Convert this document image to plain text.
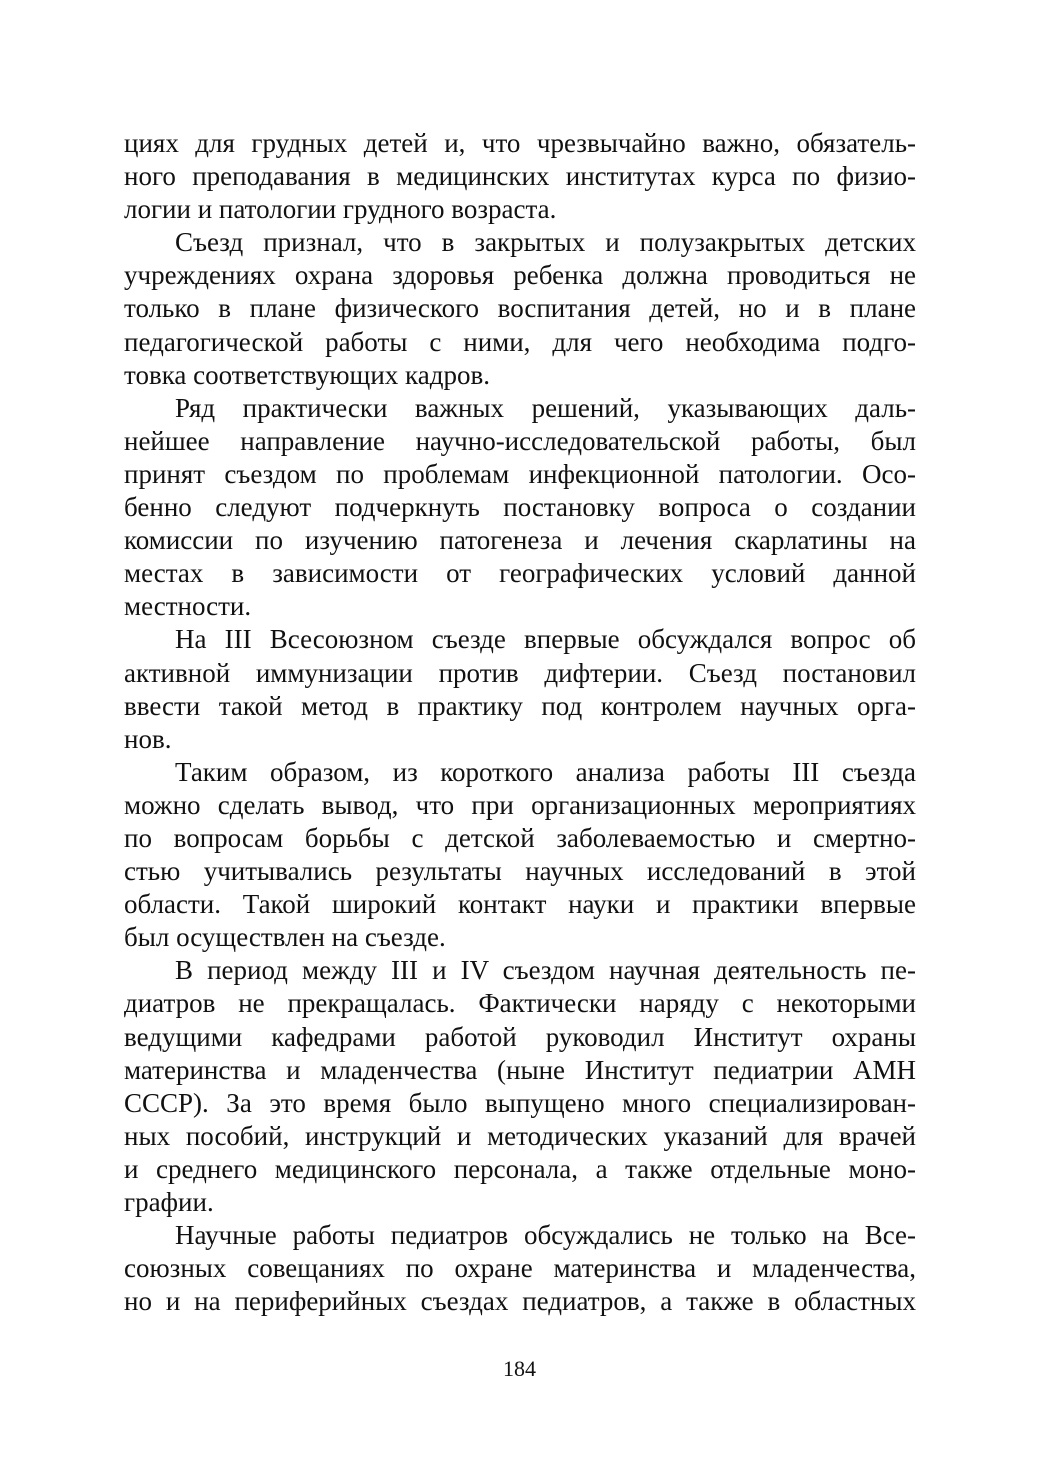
циях для грудных детей и, что чрезвычайно важно, обязатель-
ного преподавания в медицинских институтах курса по физио-
логии и патологии грудного возраста.
Съезд признал, что в закрытых и полузакрытых детских
учреждениях охрана здоровья ребенка должна проводиться не
только в плане физического воспитания детей, но и в плане
педагогической работы с ними, для чего необходима подго-
товка соответствующих кадров.
Ряд практически важных решений, указывающих даль-
нейшее направление научно-исследовательской работы, был
принят съездом по проблемам инфекционной патологии. Осо-
бенно следуют подчеркнуть постановку вопроса о создании
комиссии по изучению патогенеза и лечения скарлатины на
местах в зависимости от географических условий данной
местности.
На III Всесоюзном съезде впервые обсуждался вопрос об
активной иммунизации против дифтерии. Съезд постановил
ввести такой метод в практику под контролем научных орга-
нов.
Таким образом, из короткого анализа работы III съезда
можно сделать вывод, что при организационных мероприятиях
по вопросам борьбы с детской заболеваемостью и смертно-
стью учитывались результаты научных исследований в этой
области. Такой широкий контакт науки и практики впервые
был осуществлен на съезде.
В период между III и IV съездом научная деятельность пе-
диатров не прекращалась. Фактически наряду с некоторыми
ведущими кафедрами работой руководил Институт охраны
материнства и младенчества (ныне Институт педиатрии АМН
СССР). За это время было выпущено много специализирован-
ных пособий, инструкций и методических указаний для врачей
и среднего медицинского персонала, а также отдельные моно-
графии.
Научные работы педиатров обсуждались не только на Все-
союзных совещаниях по охране материнства и младенчества,
но и на периферийных съездах педиатров, а также в областных
184
